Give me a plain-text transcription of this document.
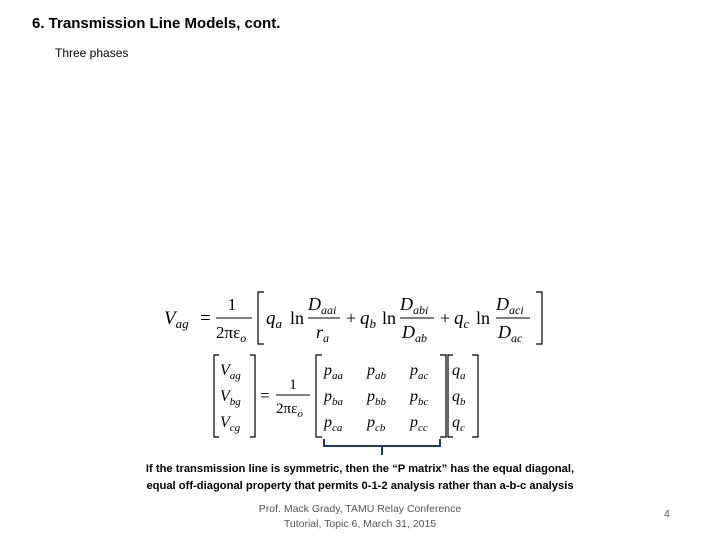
6. Transmission Line Models, cont.
Three phases
$V_{ag}$ =
1
$2\pi\varepsilon_o$
$q_a$ ln
$D_{aai}$
$r_a$
+ $q_b$ ln
$D_{abi}$
$D_{ab}$
+ $q_c$ ln
$D_{aci}$
$D_{ac}$
$V_{ag}$
$V_{bg}$
$V_{cg}$
=
1
$2\pi\varepsilon_o$
$p_{aa}$ $p_{ab}$ $p_{ac}$
$p_{ba}$ $p_{bb}$ $p_{bc}$
$p_{ca}$ $p_{cb}$ $p_{cc}$
$q_a$
$q_b$
$q_c$
If the transmission line is symmetric, then the “P matrix” has the equal diagonal,
equal off-diagonal property that permits 0-1-2 analysis rather than a-b-c analysis
Prof. Mack Grady, TAMU Relay Conference
Tutorial, Topic 6, March 31, 2015
4
